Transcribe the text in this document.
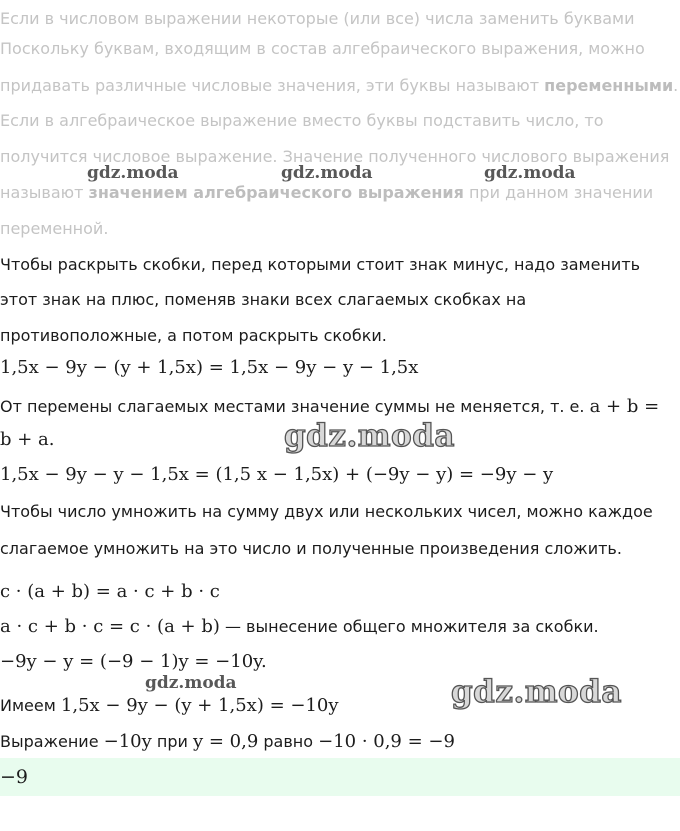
Если в числовом выражении некоторые (или все) числа заменить буквами
Поскольку буквам, входящим в состав алгебраического выражения, можно
придавать различные числовые значения, эти буквы называют переменными.
Если в алгебраическое выражение вместо буквы подставить число, то
получится числовое выражение. Значение полученного числового выражения
называют значением алгебраического выражения при данном значении
переменной.
Чтобы раскрыть скобки, перед которыми стоит знак минус, надо заменить
этот знак на плюс, поменяв знаки всех слагаемых скобках на
противоположные, а потом раскрыть скобки.
1,5x − 9y − (y + 1,5x) = 1,5x − 9y − y − 1,5x
От перемены слагаемых местами значение суммы не меняется, т. е. a + b =
b + a.
1,5x − 9y − y − 1,5x = (1,5 x − 1,5x) + (−9y − y) = −9y − y
Чтобы число умножить на сумму двух или нескольких чисел, можно каждое
слагаемое умножить на это число и полученные произведения сложить.
c · (a + b) = a · c + b · c
a · c + b · c = c · (a + b) — вынесение общего множителя за скобки.
−9y − y = (−9 − 1)y = −10y.
Имеем 1,5x − 9y − (y + 1,5x) = −10y
Выражение −10y при y = 0,9 равно −10 · 0,9 = −9
−9
gdz.moda	gdz.moda	gdz.moda
gdz.moda
gdz.moda	gdz.moda
